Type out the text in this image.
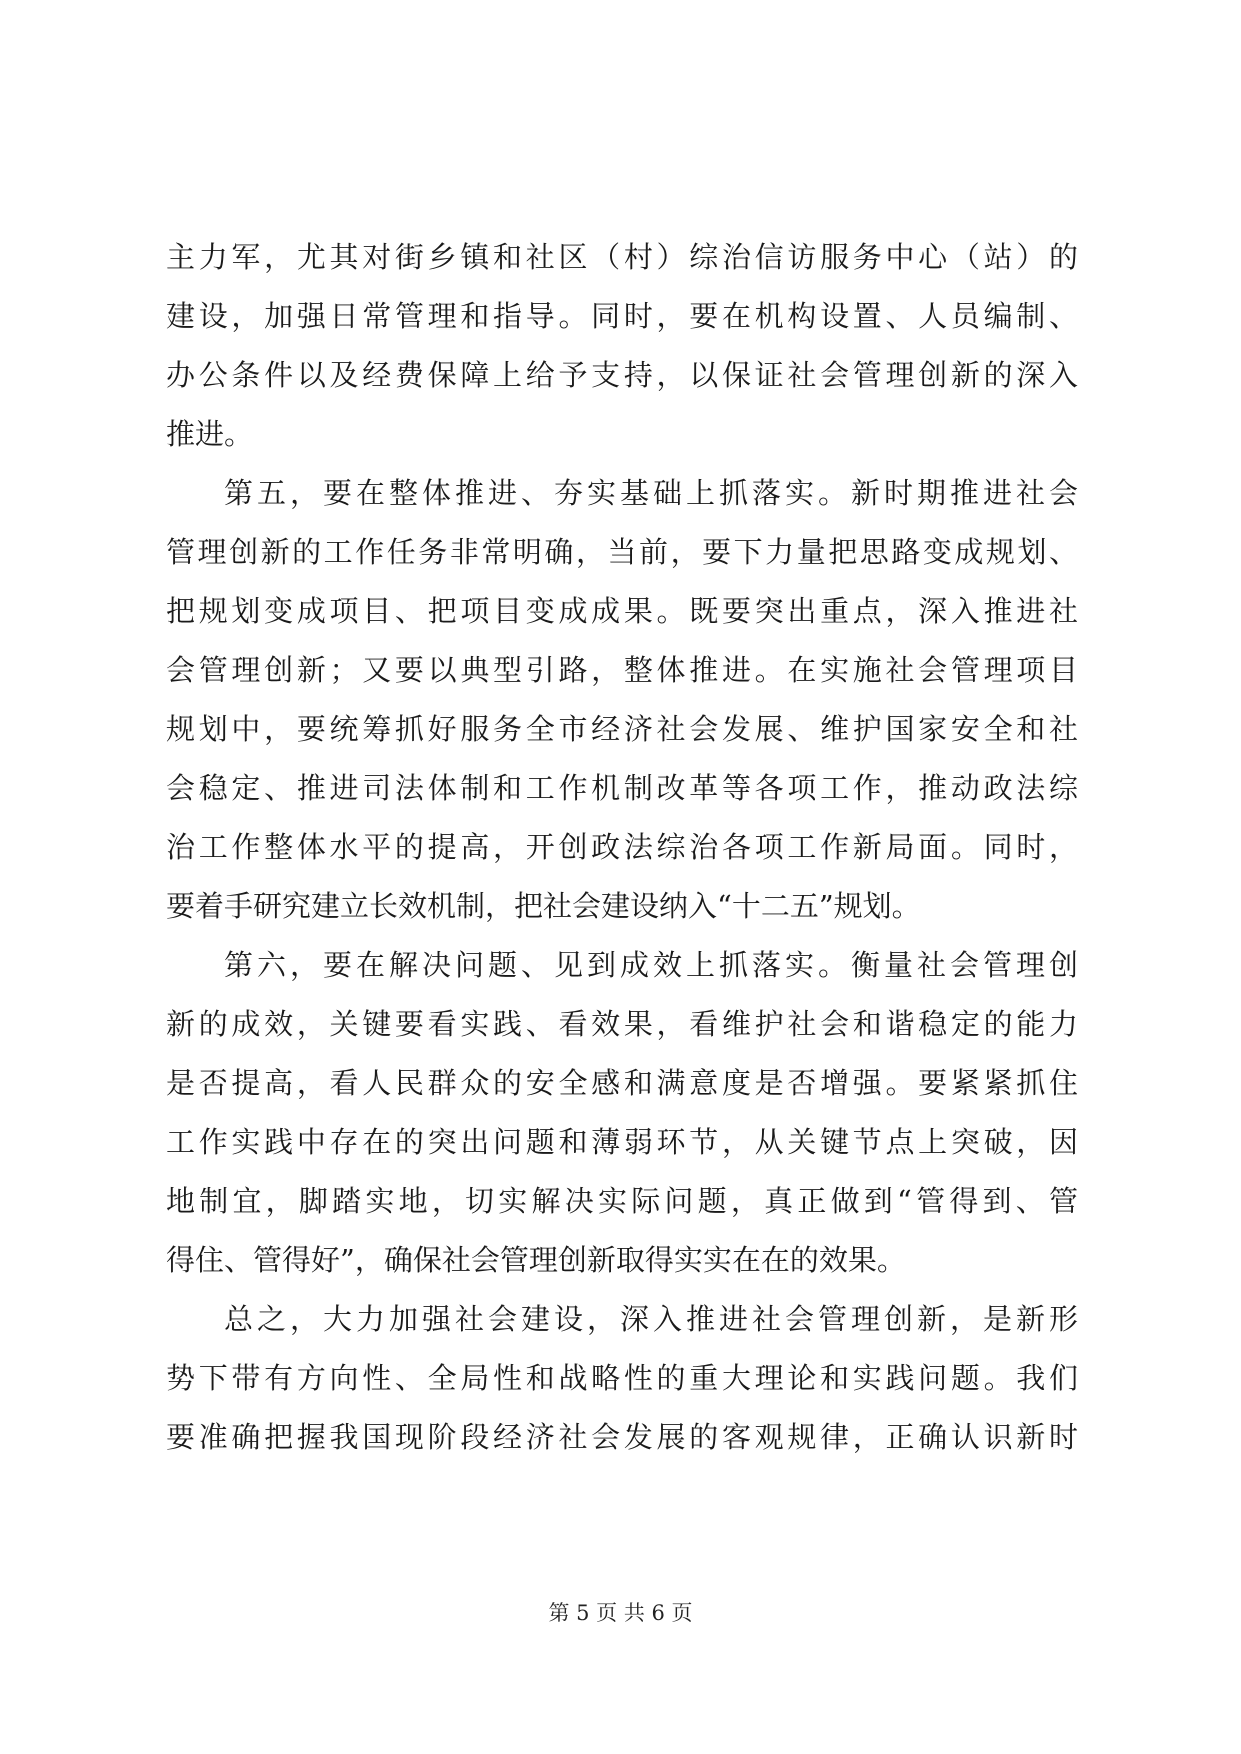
主力军，尤其对街乡镇和社区（村）综治信访服务中心（站）的
建设，加强日常管理和指导。同时，要在机构设置、人员编制、
办公条件以及经费保障上给予支持，以保证社会管理创新的深入
推进。
第五，要在整体推进、夯实基础上抓落实。新时期推进社会
管理创新的工作任务非常明确，当前，要下力量把思路变成规划、
把规划变成项目、把项目变成成果。既要突出重点，深入推进社
会管理创新；又要以典型引路，整体推进。在实施社会管理项目
规划中，要统筹抓好服务全市经济社会发展、维护国家安全和社
会稳定、推进司法体制和工作机制改革等各项工作，推动政法综
治工作整体水平的提高，开创政法综治各项工作新局面。同时，
要着手研究建立长效机制，把社会建设纳入“十二五”规划。
第六，要在解决问题、见到成效上抓落实。衡量社会管理创
新的成效，关键要看实践、看效果，看维护社会和谐稳定的能力
是否提高，看人民群众的安全感和满意度是否增强。要紧紧抓住
工作实践中存在的突出问题和薄弱环节，从关键节点上突破，因
地制宜，脚踏实地，切实解决实际问题，真正做到“管得到、管
得住、管得好”，确保社会管理创新取得实实在在的效果。
总之，大力加强社会建设，深入推进社会管理创新，是新形
势下带有方向性、全局性和战略性的重大理论和实践问题。我们
要准确把握我国现阶段经济社会发展的客观规律，正确认识新时
第 5 页 共 6 页
